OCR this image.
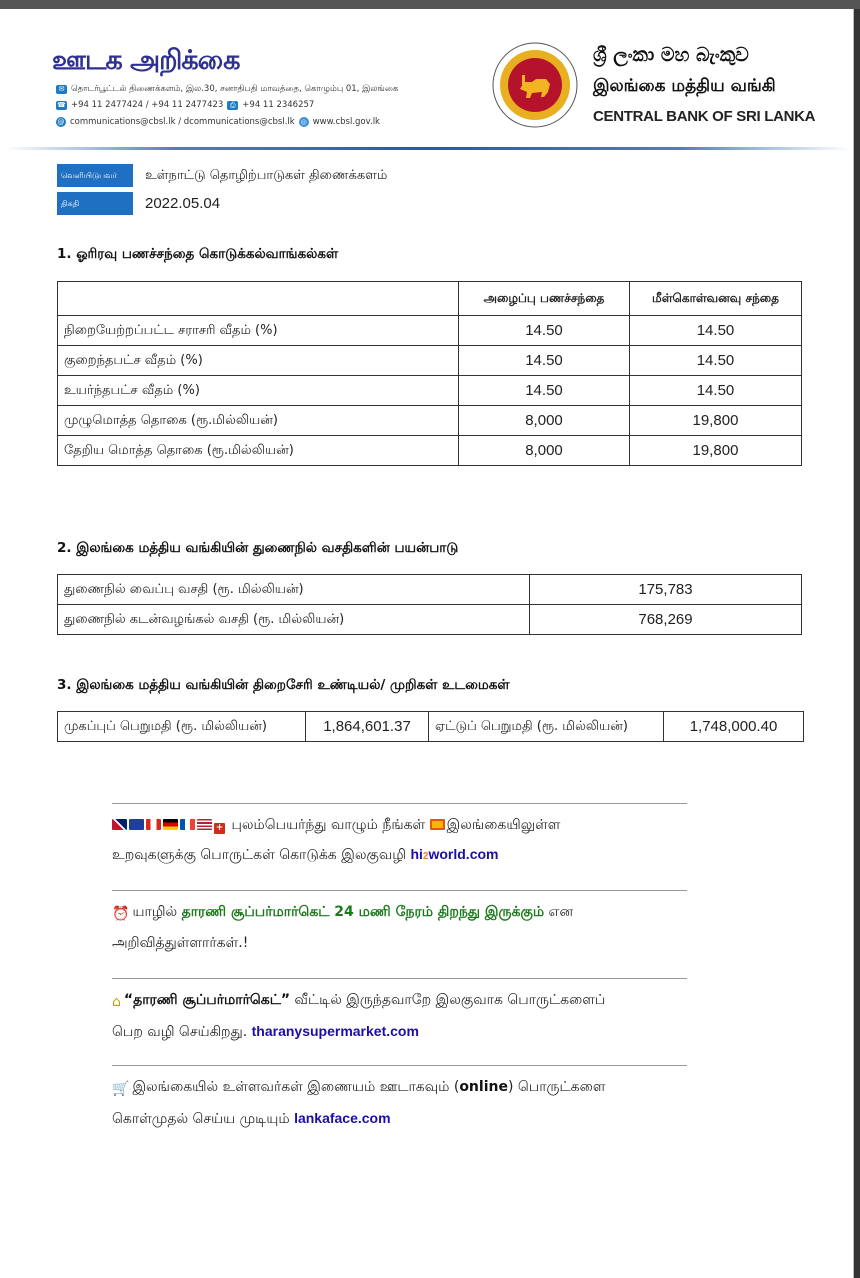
ஊடக அறிக்கை
✉ தொடர்பூட்டல் திணைக்களம், இல.30, சனாதிபதி மாவத்தை, கொழும்பு 01, இலங்கை
☎ +94 11 2477424 / +94 11 2477423 ⎙ +94 11 2346257
@ communications@cbsl.lk / dcommunications@cbsl.lk ◎ www.cbsl.gov.lk
ශ්‍රී ලංකා මහ බැංකුව
இலங்கை மத்திய வங்கி
CENTRAL BANK OF SRI LANKA
வெளியிடுபவர்	உள்நாட்டு தொழிற்பாடுகள் திணைக்களம்
திகதி	2022.05.04
1. ஓரிரவு பணச்சந்தை கொடுக்கல்வாங்கல்கள்
	அழைப்பு பணச்சந்தை	மீள்கொள்வனவு சந்தை
நிறையேற்றப்பட்ட சராசரி வீதம் (%)	14.50	14.50
குறைந்தபட்ச வீதம் (%)	14.50	14.50
உயர்ந்தபட்ச வீதம் (%)	14.50	14.50
முழுமொத்த தொகை (ரூ.மில்லியன்)	8,000	19,800
தேறிய மொத்த தொகை (ரூ.மில்லியன்)	8,000	19,800
2. இலங்கை மத்திய வங்கியின் துணைநில் வசதிகளின் பயன்பாடு
துணைநில் வைப்பு வசதி (ரூ. மில்லியன்)	175,783
துணைநில் கடன்வழங்கல் வசதி (ரூ. மில்லியன்)	768,269
3. இலங்கை மத்திய வங்கியின் திறைசேரி உண்டியல்/ முறிகள் உடமைகள்
முகப்புப் பெறுமதி (ரூ. மில்லியன்)	1,864,601.37	ஏட்டுப் பெறுமதி (ரூ. மில்லியன்)	1,748,000.40
+ புலம்பெயர்ந்து வாழும் நீங்கள் இலங்கையிலுள்ள
உறவுகளுக்கு பொருட்கள் கொடுக்க இலகுவழி hi2world.com
⏰ யாழில் தாரணி சூப்பர்மார்கெட் 24 மணி நேரம் திறந்து இருக்கும் என
அறிவித்துள்ளார்கள்.!
⌂ “தாரணி சூப்பர்மார்கெட்” வீட்டில் இருந்தவாறே இலகுவாக பொருட்களைப்
பெற வழி செய்கிறது. tharanysupermarket.com
🛒 இலங்கையில் உள்ளவர்கள் இணையம் ஊடாகவும் (online) பொருட்களை
கொள்முதல் செய்ய முடியும் lankaface.com
